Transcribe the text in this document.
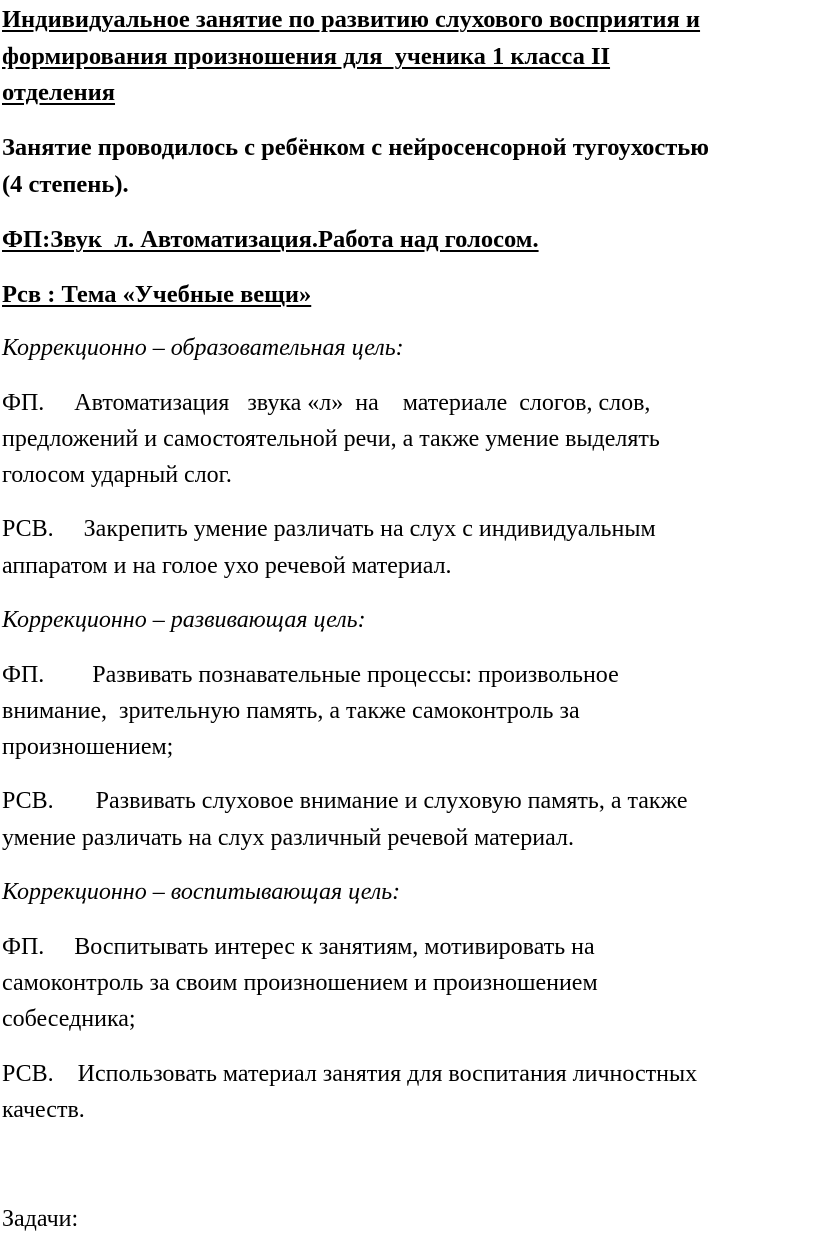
Индивидуальное занятие по развитию слухового восприятия и
формирования произношения для  ученика 1 класса II
отделения
Занятие проводилось с ребёнком с нейросенсорной тугоухостью
(4 степень).
ФП:Звук  л. Автоматизация.Работа над голосом.
Рсв : Тема «Учебные вещи»
Коррекционно – образовательная цель:
ФП.     Автоматизация   звука «л»  на    материале  слогов, слов,
предложений и самостоятельной речи, а также умение выделять
голосом ударный слог.
РСВ.     Закрепить умение различать на слух с индивидуальным
аппаратом и на голое ухо речевой материал.
Коррекционно – развивающая цель:
ФП.        Развивать познавательные процессы: произвольное
внимание,  зрительную память, а также самоконтроль за
произношением;
РСВ.       Развивать слуховое внимание и слуховую память, а также
умение различать на слух различный речевой материал.
Коррекционно – воспитывающая цель:
ФП.     Воспитывать интерес к занятиям, мотивировать на
самоконтроль за своим произношением и произношением
собеседника;
РСВ.    Использовать материал занятия для воспитания личностных
качеств.
Задачи:
